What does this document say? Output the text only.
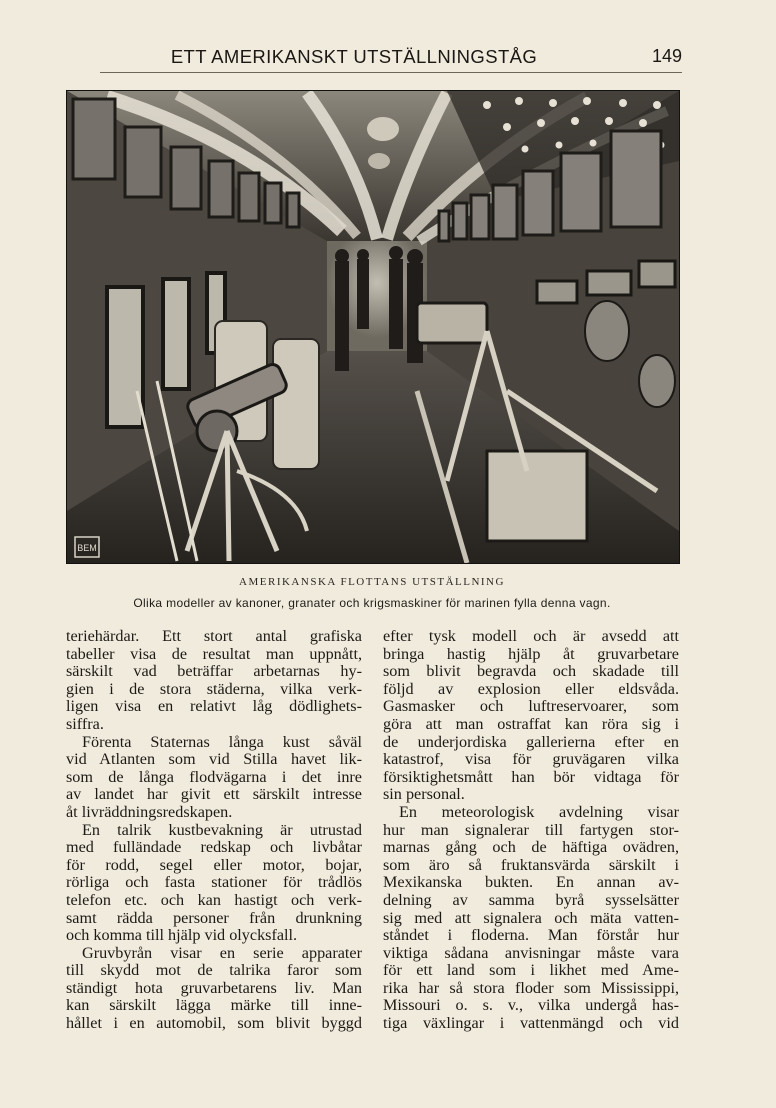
ETT AMERIKANSKT UTSTÄLLNINGSTÅG	149
BEM
AMERIKANSKA FLOTTANS UTSTÄLLNING
Olika modeller av kanoner, granater och krigsmaskiner för marinen fylla denna vagn.
teriehärdar. Ett stort antal grafiska
tabeller visa de resultat man uppnått,
särskilt vad beträffar arbetarnas hy-
gien i de stora städerna, vilka verk-
ligen visa en relativt låg dödlighets-
siffra.
Förenta Staternas långa kust såväl
vid Atlanten som vid Stilla havet lik-
som de långa flodvägarna i det inre
av landet har givit ett särskilt intresse
åt livräddningsredskapen.
En talrik kustbevakning är utrustad
med fulländade redskap och livbåtar
för rodd, segel eller motor, bojar,
rörliga och fasta stationer för trådlös
telefon etc. och kan hastigt och verk-
samt rädda personer från drunkning
och komma till hjälp vid olycksfall.
Gruvbyrån visar en serie apparater
till skydd mot de talrika faror som
ständigt hota gruvarbetarens liv. Man
kan särskilt lägga märke till inne-
hållet i en automobil, som blivit byggd
efter tysk modell och är avsedd att
bringa hastig hjälp åt gruvarbetare
som blivit begravda och skadade till
följd av explosion eller eldsvåda.
Gasmasker och luftreservoarer, som
göra att man ostraffat kan röra sig i
de underjordiska gallerierna efter en
katastrof, visa för gruvägaren vilka
försiktighetsmått han bör vidtaga för
sin personal.
En meteorologisk avdelning visar
hur man signalerar till fartygen stor-
marnas gång och de häftiga ovädren,
som äro så fruktansvärda särskilt i
Mexikanska bukten. En annan av-
delning av samma byrå sysselsätter
sig med att signalera och mäta vatten-
ståndet i floderna. Man förstår hur
viktiga sådana anvisningar måste vara
för ett land som i likhet med Ame-
rika har så stora floder som Mississippi,
Missouri o. s. v., vilka undergå has-
tiga växlingar i vattenmängd och vid
